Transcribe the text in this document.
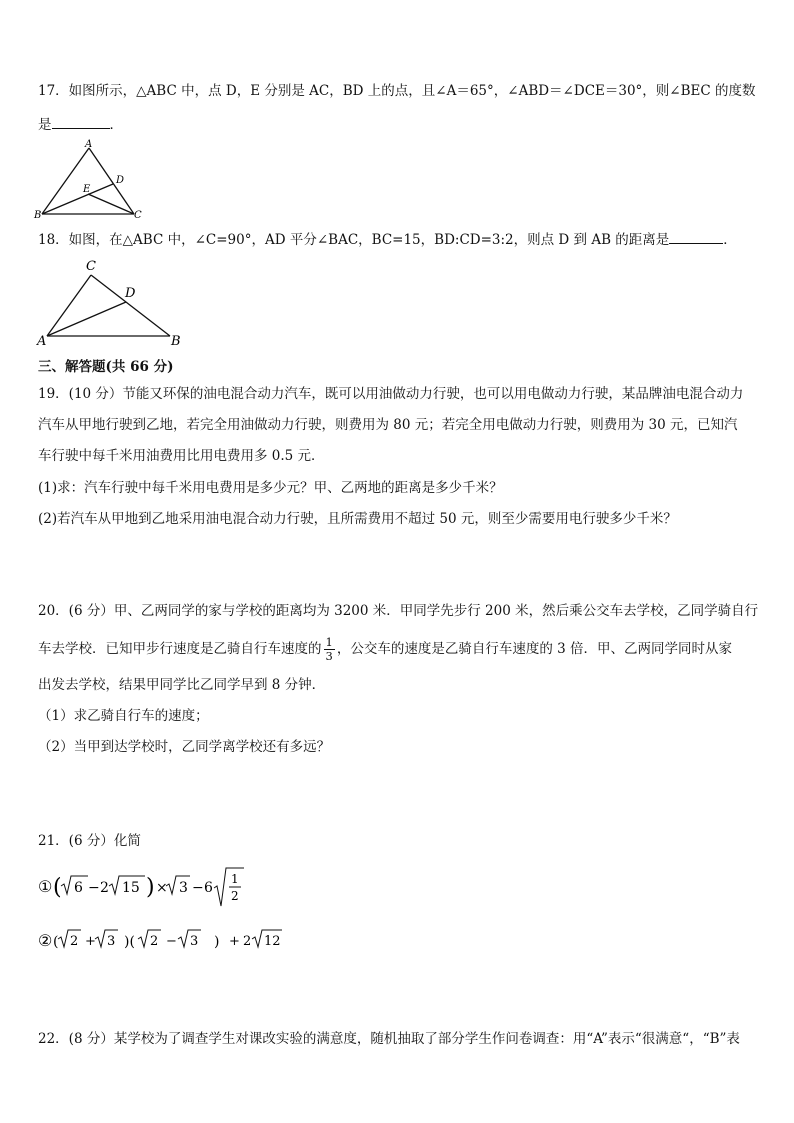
17．如图所示，△ABC 中，点 D，E 分别是 AC，BD 上的点，且∠A＝65°，∠ABD＝∠DCE＝30°，则∠BEC 的度数
是	．
A
B	C
D
E
18．如图，在△ABC 中，∠C=90°，AD 平分∠BAC，BC=15，BD:CD=3:2，则点 D 到 AB 的距离是	．
C
D
A	B
三、解答题(共 66 分)
19．(10 分）节能又环保的油电混合动力汽车，既可以用油做动力行驶，也可以用电做动力行驶，某品牌油电混合动力
汽车从甲地行驶到乙地，若完全用油做动力行驶，则费用为 80 元；若完全用电做动力行驶，则费用为 30 元，已知汽
车行驶中每千米用油费用比用电费用多 0.5 元．
(1)求：汽车行驶中每千米用电费用是多少元？甲、乙两地的距离是多少千米？
(2)若汽车从甲地到乙地采用油电混合动力行驶，且所需费用不超过 50 元，则至少需要用电行驶多少千米？
20．(6 分）甲、乙两同学的家与学校的距离均为 3200 米．甲同学先步行 200 米，然后乘公交车去学校，乙同学骑自行
车去学校．已知甲步行速度是乙骑自行车速度的 $\frac{1}{3}$ ，公交车的速度是乙骑自行车速度的 3 倍．甲、乙两同学同时从家
出发去学校，结果甲同学比乙同学早到 8 分钟．
（1）求乙骑自行车的速度；
（2）当甲到达学校时，乙同学离学校还有多远？
21．(6 分）化简
① ( 6 − 2 15 ) × 3 − 6
1
2
② ( 2 + 3 )( 2 − 3 ) + 2 12
22．(8 分）某学校为了调查学生对课改实验的满意度，随机抽取了部分学生作问卷调查：用“A”表示“很满意“，“B”表
